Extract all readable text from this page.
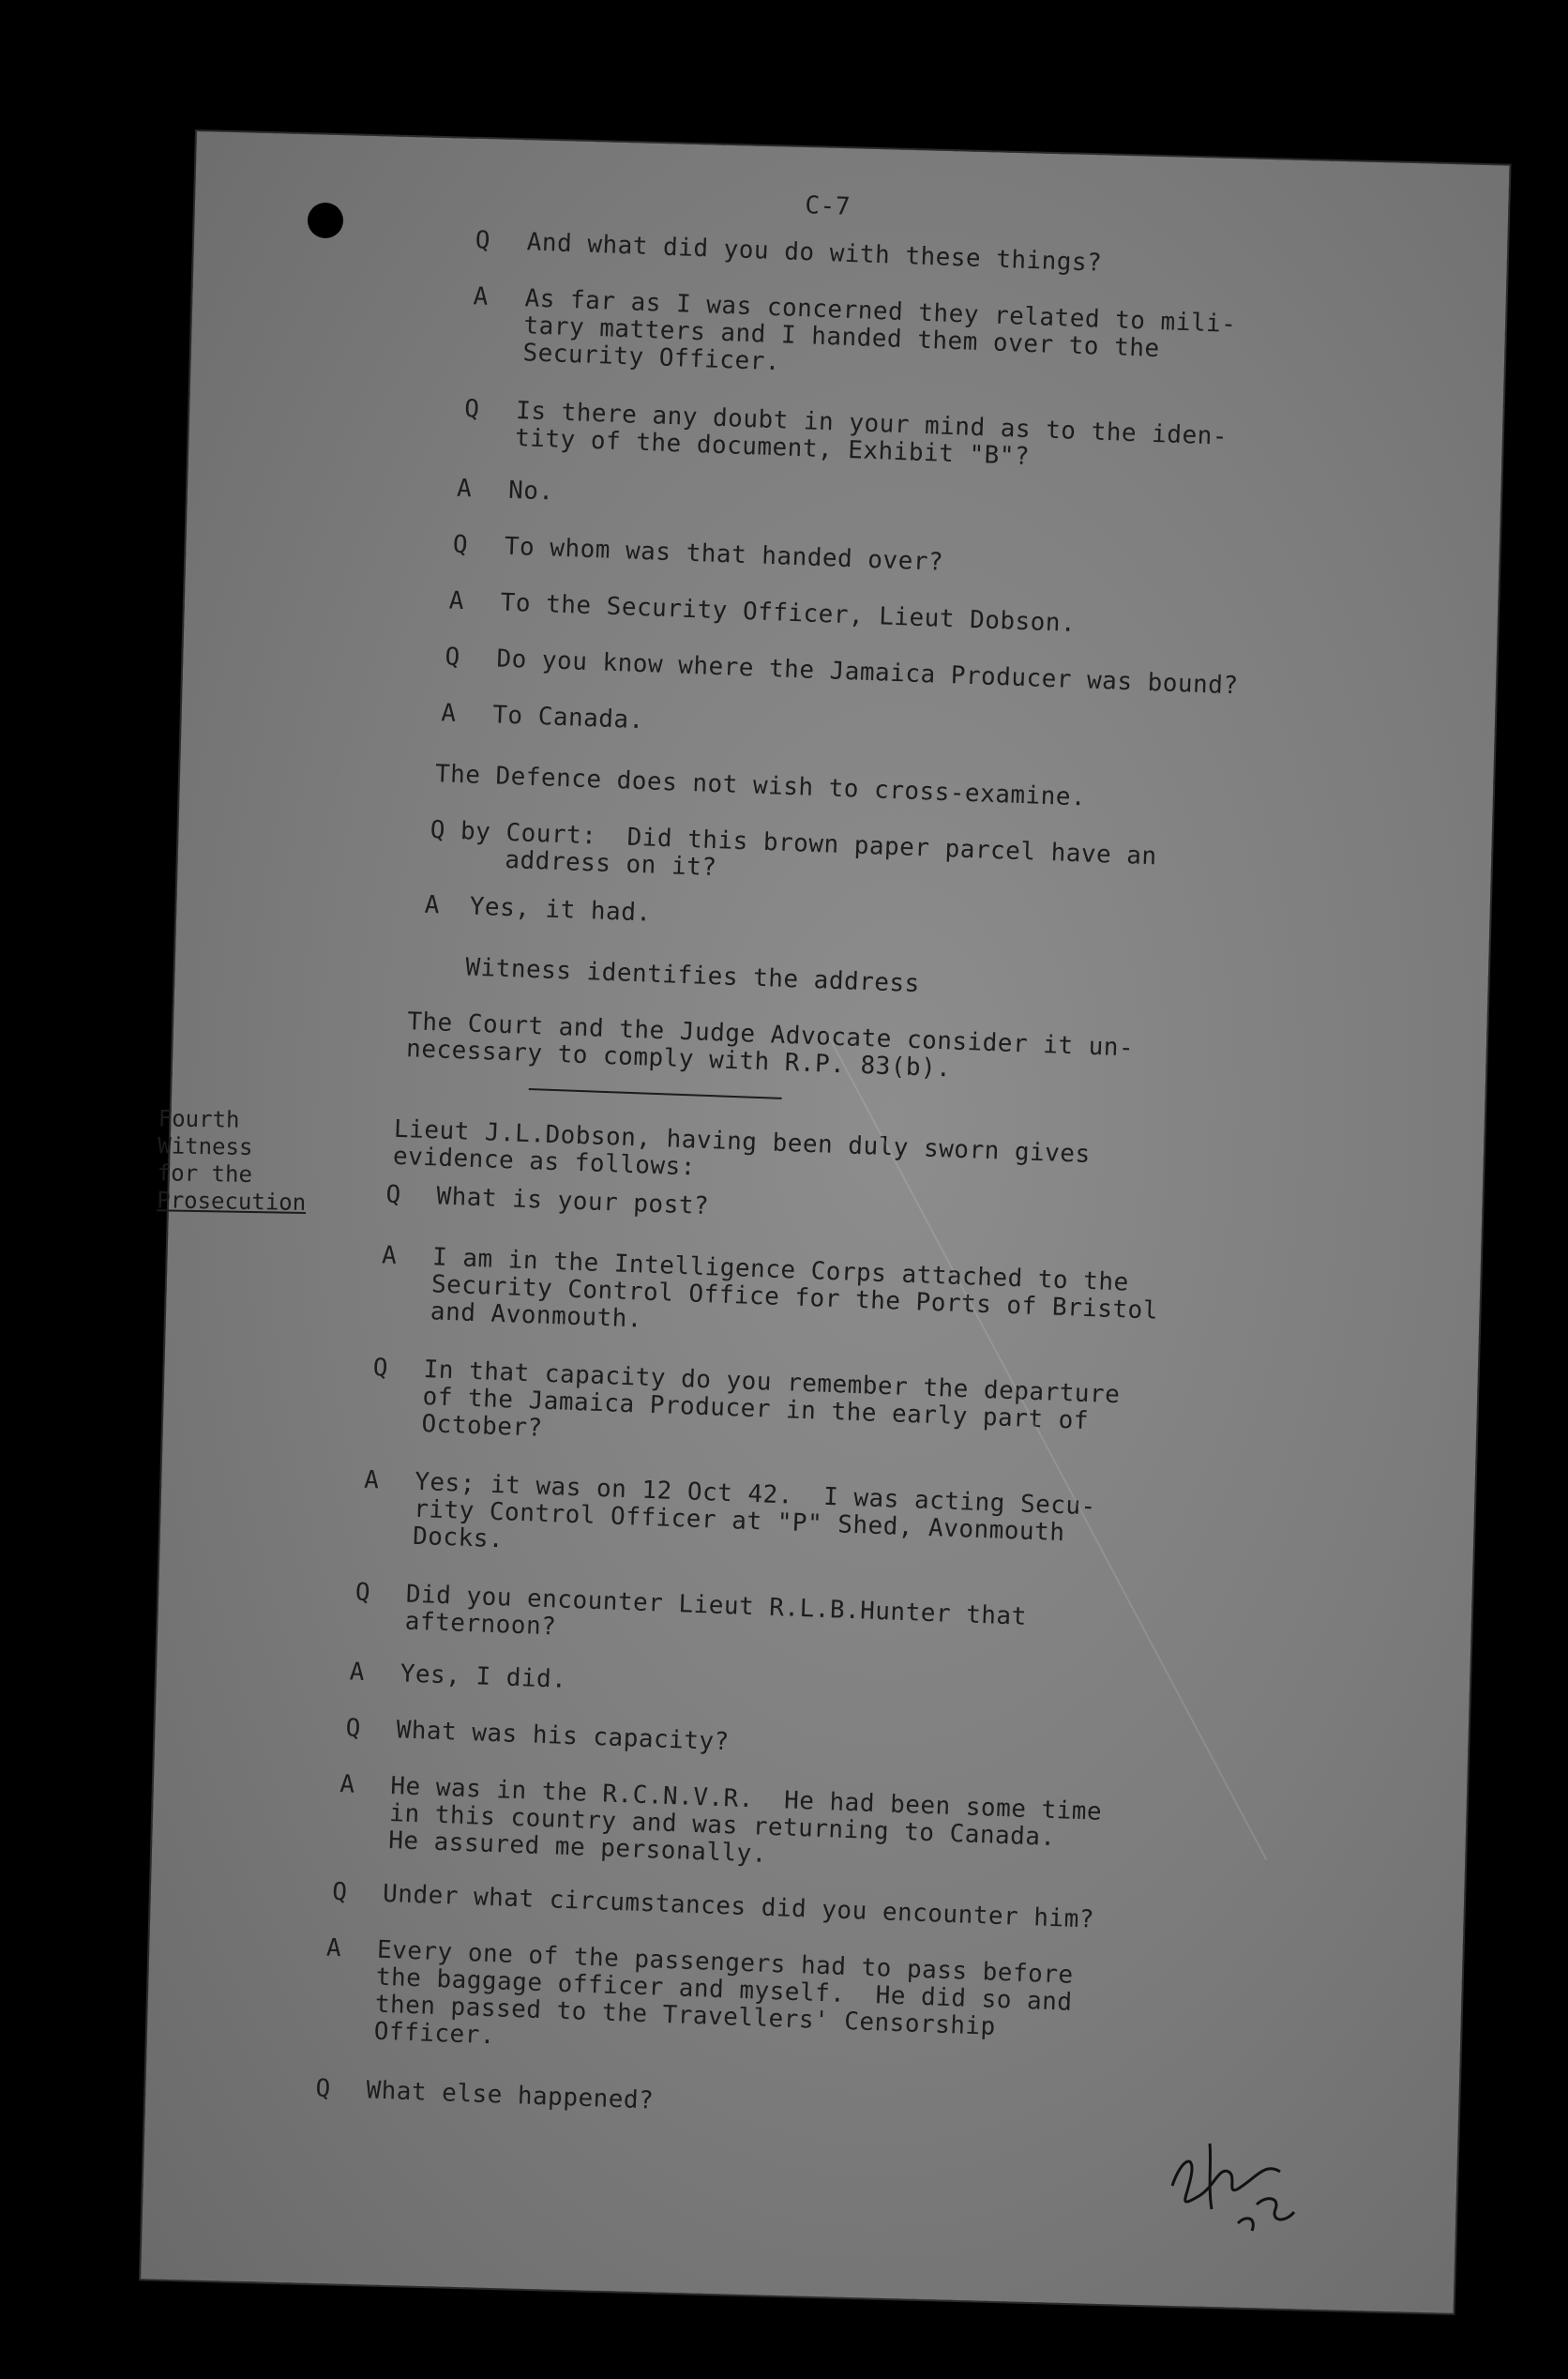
C-7
Q And what did you do with these things?
A As far as I was concerned they related to mili-
tary matters and I handed them over to the
Security Officer.
Q Is there any doubt in your mind as to the iden-
tity of the document, Exhibit "B"?
A No.
Q To whom was that handed over?
A To the Security Officer, Lieut Dobson.
Q Do you know where the Jamaica Producer was bound?
A To Canada.
The Defence does not wish to cross-examine.
Q by Court:  Did this brown paper parcel have an
address on it?
A Yes, it had.
Witness identifies the address
The Court and the Judge Advocate consider it un-
necessary to comply with R.P. 83(b).
Lieut J.L.Dobson, having been duly sworn gives
evidence as follows:
Q What is your post?
A I am in the Intelligence Corps attached to the
Security Control Office for the Ports of Bristol
and Avonmouth.
Q In that capacity do you remember the departure
of the Jamaica Producer in the early part of
October?
A Yes; it was on 12 Oct 42.  I was acting Secu-
rity Control Officer at "P" Shed, Avonmouth
Docks.
Q Did you encounter Lieut R.L.B.Hunter that
afternoon?
A Yes, I did.
Q What was his capacity?
A He was in the R.C.N.V.R.  He had been some time
in this country and was returning to Canada.
He assured me personally.
Q Under what circumstances did you encounter him?
A Every one of the passengers had to pass before
the baggage officer and myself.  He did so and
then passed to the Travellers' Censorship
Officer.
Q What else happened?
Fourth
Witness
for the
Prosecution
